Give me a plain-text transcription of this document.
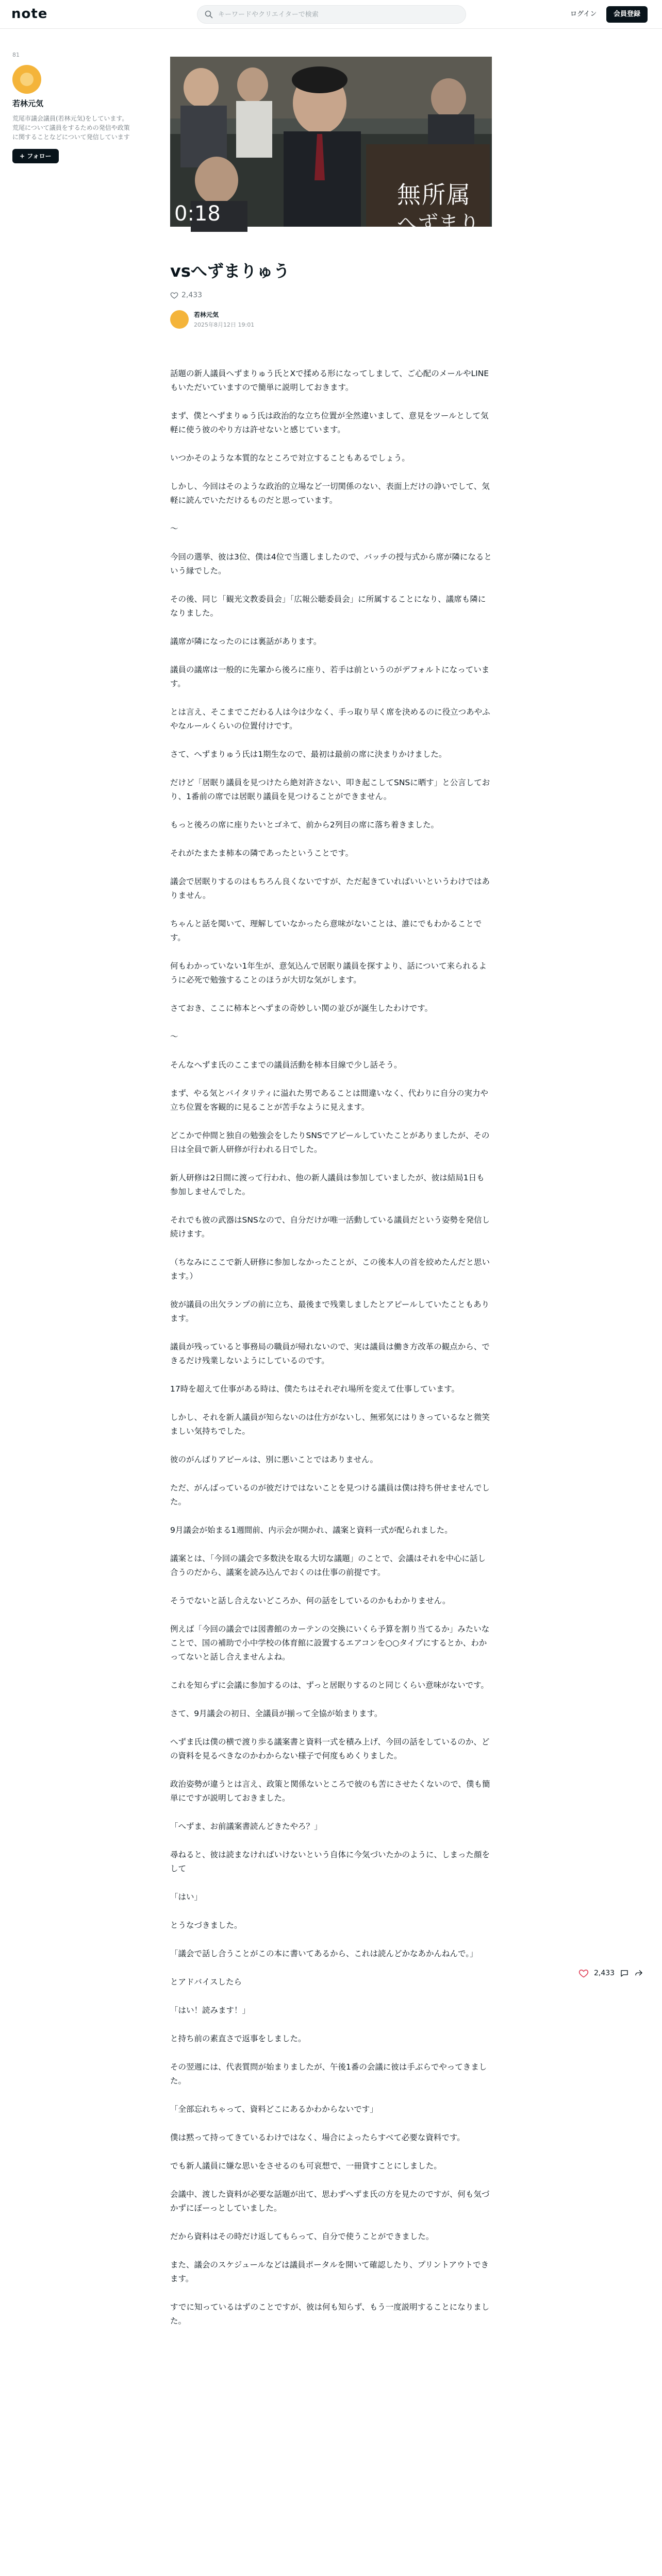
note
キーワードやクリエイターで検索	ログイン	会員登録
81
若林元気
荒尾市議会議員(若林元気)をしています。荒尾について議員をするための発信や政策に関することなどについて発信しています
+ フォロー
0:18
無所属
へずまりゅう
vsへずまりゅう
2,433
若林元気
2025年8月12日 19:01

話題の新人議員へずまりゅう氏とXで揉める形になってしまして、ご心配のメールやLINEもいただいていますので簡単に説明しておきます。

まず、僕とへずまりゅう氏は政治的な立ち位置が全然違いまして、意見をツールとして気軽に使う彼のやり方は許せないと感じています。

いつかそのような本質的なところで対立することもあるでしょう。

しかし、今回はそのような政治的立場など一切関係のない、表面上だけの諍いでして、気軽に読んでいただけるものだと思っています。

〜

今回の選挙、彼は3位、僕は4位で当選しましたので、バッチの授与式から席が隣になるという縁でした。

その後、同じ「観光文教委員会」「広報公聴委員会」に所属することになり、議席も隣になりました。

議席が隣になったのには裏話があります。

議員の議席は一般的に先輩から後ろに座り、若手は前というのがデフォルトになっています。

とは言え、そこまでこだわる人は今は少なく、手っ取り早く席を決めるのに役立つあやふやなルールくらいの位置付けです。

さて、へずまりゅう氏は1期生なので、最初は最前の席に決まりかけました。

だけど「居眠り議員を見つけたら絶対許さない、叩き起こしてSNSに晒す」と公言しており、1番前の席では居眠り議員を見つけることができません。

もっと後ろの席に座りたいとゴネて、前から2列目の席に落ち着きました。

それがたまたま柿本の隣であったということです。

議会で居眠りするのはもちろん良くないですが、ただ起きていればいいというわけではありません。

ちゃんと話を聞いて、理解していなかったら意味がないことは、誰にでもわかることです。

何もわかっていない1年生が、意気込んで居眠り議員を探すより、話について来られるように必死で勉強することのほうが大切な気がします。

さておき、ここに柿本とへずまの奇妙しい関の並びが誕生したわけです。

〜

そんなへずま氏のここまでの議員活動を柿本目線で少し話そう。

まず、やる気とバイタリティに溢れた男であることは間違いなく、代わりに自分の実力や立ち位置を客観的に見ることが苦手なように見えます。

どこかで仲間と独自の勉強会をしたりSNSでアピールしていたことがありましたが、その日は全員で新人研修が行われる日でした。

新人研修は2日間に渡って行われ、他の新人議員は参加していましたが、彼は結局1日も参加しませんでした。

それでも彼の武器はSNSなので、自分だけが唯一活動している議員だという姿勢を発信し続けます。

（ちなみにここで新人研修に参加しなかったことが、この後本人の首を絞めたんだと思います。）

彼が議員の出欠ランプの前に立ち、最後まで残業しましたとアピールしていたこともあります。

議員が残っていると事務局の職員が帰れないので、実は議員は働き方改革の観点から、できるだけ残業しないようにしているのです。

17時を超えて仕事がある時は、僕たちはそれぞれ場所を変えて仕事しています。

しかし、それを新人議員が知らないのは仕方がないし、無邪気にはりきっているなと微笑ましい気持ちでした。

彼のがんばりアピールは、別に悪いことではありません。

ただ、がんばっているのが彼だけではないことを見つける議員は僕は持ち併せませんでした。

9月議会が始まる1週間前、内示会が開かれ、議案と資料一式が配られました。

議案とは、「今回の議会で多数決を取る大切な議題」のことで、会議はそれを中心に話し合うのだから、議案を読み込んでおくのは仕事の前提です。

そうでないと話し合えないどころか、何の話をしているのかもわかりません。

例えば「今回の議会では図書館のカーテンの交換にいくら予算を割り当てるか」みたいなことで、国の補助で小中学校の体育館に設置するエアコンを○○タイプにするとか、わかってないと話し合えませんよね。

これを知らずに会議に参加するのは、ずっと居眠りするのと同じくらい意味がないです。

さて、9月議会の初日、全議員が揃って全協が始まります。

へずま氏は僕の横で渡り歩る議案書と資料一式を積み上げ、今回の話をしているのか、どの資料を見るべきなのかわからない様子で何度もめくりました。

政治姿勢が違うとは言え、政策と関係ないところで彼のも苦にさせたくないので、僕も簡単にですが説明しておきました。

「へずま、お前議案書読んどきたやろ？」

尋ねると、彼は読まなければいけないという自体に今気づいたかのように、しまった顔をして

「はい」

とうなづきました。

「議会で話し合うことがこの本に書いてあるから、これは読んどかなあかんねんで。」

とアドバイスしたら

「はい！読みます！」

と持ち前の素直さで返事をしました。

その翌週には、代表質問が始まりましたが、午後1番の会議に彼は手ぶらでやってきました。

「全部忘れちゃって、資料どこにあるかわからないです」

僕は黙って持ってきているわけではなく、場合によったらすべて必要な資料です。

でも新人議員に嫌な思いをさせるのも可哀想で、一冊貸すことにしました。

会議中、渡した資料が必要な話題が出て、思わずへずま氏の方を見たのですが、何も気づかずにぼーっとしていました。

だから資料はその時だけ返してもらって、自分で使うことができました。

また、議会のスケジュールなどは議員ポータルを開いて確認したり、プリントアウトできます。

すでに知っているはずのことですが、彼は何も知らず、もう一度説明することになりました。

2,433
